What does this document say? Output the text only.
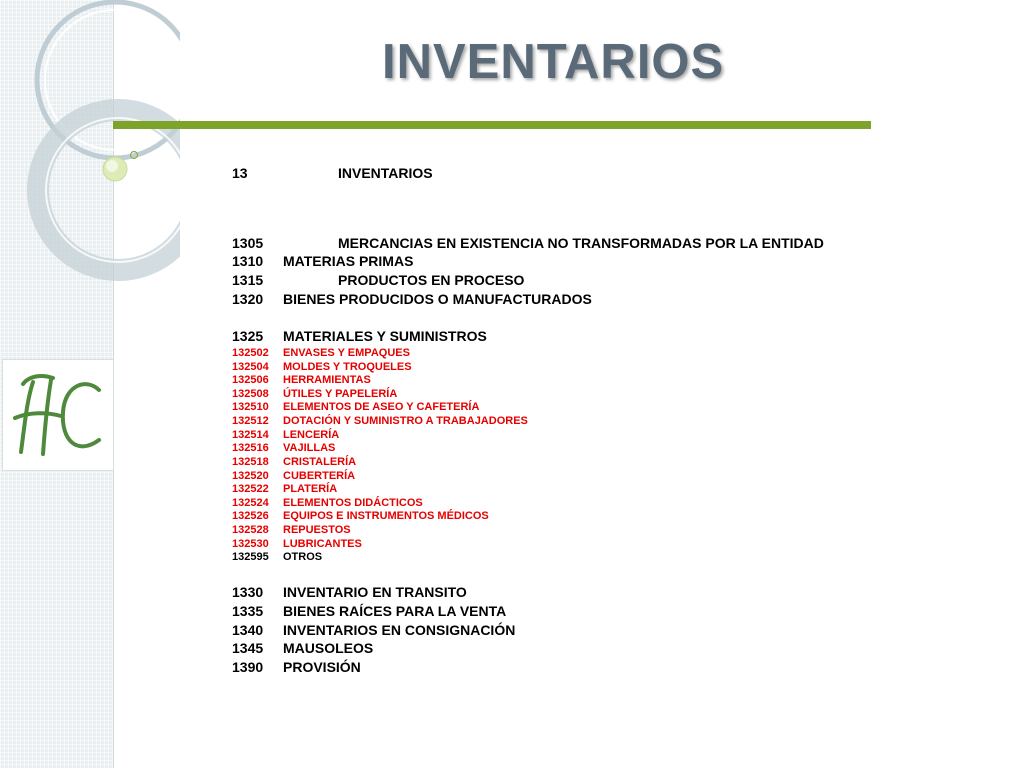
INVENTARIOS
13	INVENTARIOS
1305	MERCANCIAS EN EXISTENCIA NO TRANSFORMADAS POR LA ENTIDAD
1310 MATERIAS PRIMAS
1315	PRODUCTOS EN PROCESO
1320 BIENES PRODUCIDOS O MANUFACTURADOS
1325 MATERIALES Y SUMINISTROS
132502 ENVASES Y EMPAQUES
132504 MOLDES Y TROQUELES
132506 HERRAMIENTAS
132508 ÚTILES Y PAPELERÍA
132510 ELEMENTOS DE ASEO Y CAFETERÍA
132512 DOTACIÓN Y SUMINISTRO A TRABAJADORES
132514 LENCERÍA
132516 VAJILLAS
132518 CRISTALERÍA
132520 CUBERTERÍA
132522 PLATERÍA
132524 ELEMENTOS DIDÁCTICOS
132526 EQUIPOS E INSTRUMENTOS MÉDICOS
132528 REPUESTOS
132530 LUBRICANTES
132595 OTROS
1330 INVENTARIO EN TRANSITO
1335 BIENES RAÍCES PARA LA VENTA
1340 INVENTARIOS EN CONSIGNACIÓN
1345 MAUSOLEOS
1390 PROVISIÓN
